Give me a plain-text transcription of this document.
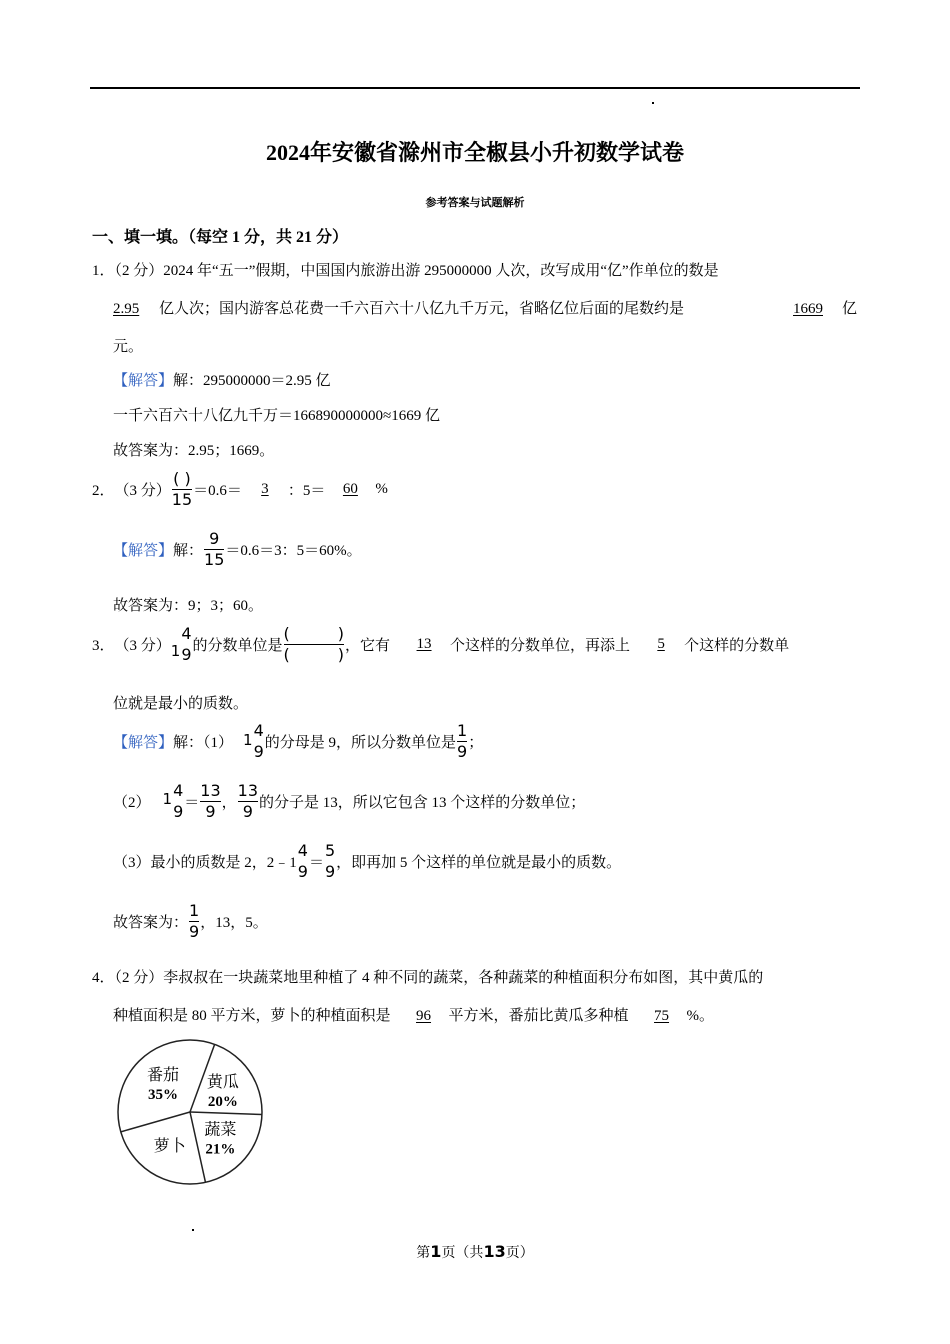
2024年安徽省滁州市全椒县小升初数学试卷
参考答案与试题解析
一、填一填。（每空 1 分，共 21 分）
1．（2 分）2024 年“五一”假期，中国国内旅游出游 295000000 人次，改写成用“亿”作单位的数是
2.95 亿人次；国内游客总花费一千六百六十八亿九千万元，省略亿位后面的尾数约是	1669 亿
元。
【解答】解：295000000＝2.95 亿
一千六百六十八亿九千万＝166890000000≈1669 亿
故答案为：2.95；1669。
2． （3 分） $\frac{( )}{15} =0.6=$	3	：5＝	60	%
【解答】 解： $\frac{9}{15} =0.6=3$：5＝60%。
故答案为：9；3；60。
3． （3 分） 1
4
9 的分数单位是 $\frac{( )}{( )}$ ，它有	13	个这样的分数单位，再添上	5	个这样的分数单
位就是最小的质数。
【解答】 解：（1） 1 4
9 的分母是 9，所以分数单位是 $\frac{1}{9}$ ；
（2） 1 4
$9 = \frac{13}{9}$ ， $\frac{13}{9}$ 的分子是 13，所以它包含 13 个这样的分数单位；
（3）最小的质数是 2，2﹣1
4
9 ＝
5
9 ，即再加 5 个这样的单位就是最小的质数。
故答案为： $\frac{1}{9}$ ，13，5。
4．（2 分）李叔叔在一块蔬菜地里种植了 4 种不同的蔬菜，各种蔬菜的种植面积分布如图，其中黄瓜的
种植面积是 80 平方米，萝卜的种植面积是 96 平方米，番茄比黄瓜多种植 75 %。
番茄
35%
黄瓜
20%
蔬菜
21%
萝卜
第1页（共13页）
